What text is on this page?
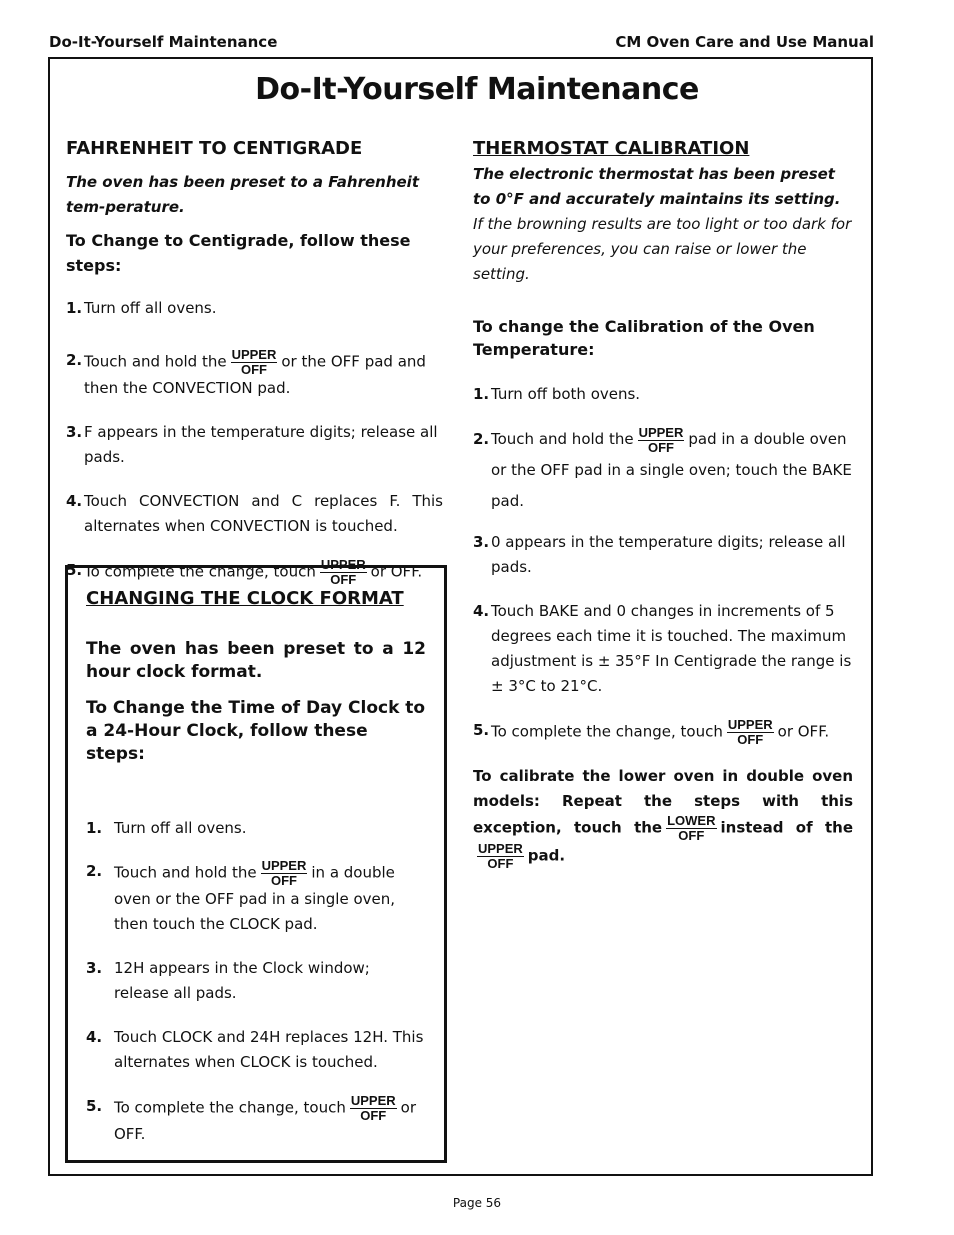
Do-It-Yourself Maintenance	CM Oven Care and Use Manual
Do-It-Yourself Maintenance
FAHRENHEIT TO CENTIGRADE
The oven has been preset to a Fahrenheit tem-perature.
To Change to Centigrade, follow these steps:
1. Turn off all ovens.
2. Touch and hold the UPPER
OFF or the OFF pad and then the CONVECTION pad.
3. F appears in the temperature digits; release all pads.
4. Touch CONVECTION and C replaces F. This alternates when CONVECTION is touched.
5. To complete the change, touch UPPER
OFF or OFF.
CHANGING THE CLOCK FORMAT
The oven has been preset to a 12 hour clock format.
To Change the Time of Day Clock to a 24-Hour Clock, follow these steps:
1. Turn off all ovens.
2. Touch and hold the UPPER
OFF in a double oven or the OFF pad in a single oven, then touch the CLOCK pad.
3. 12H appears in the Clock window; release all pads.
4. Touch CLOCK and 24H replaces 12H. This alternates when CLOCK is touched.
5. To complete the change, touch UPPER
OFF or OFF.
THERMOSTAT CALIBRATION
The electronic thermostat has been preset to 0°F and accurately maintains its setting. If the browning results are too light or too dark for your preferences, you can raise or lower the setting.
To change the Calibration of the Oven Temperature:
1. Turn off both ovens.
2. Touch and hold the UPPER
OFF pad in a double oven or the OFF pad in a single oven; touch the BAKE pad.
3. 0 appears in the temperature digits; release all pads.
4. Touch BAKE and 0 changes in increments of 5 degrees each time it is touched. The maximum adjustment is ± 35°F In Centigrade the range is ± 3°C to 21°C.
5. To complete the change, touch UPPER
OFF or OFF.
To calibrate the lower oven in double oven models: Repeat the steps with this exception, touch the LOWER
OFF	instead of the
UPPER
OFF pad.
Page 56
